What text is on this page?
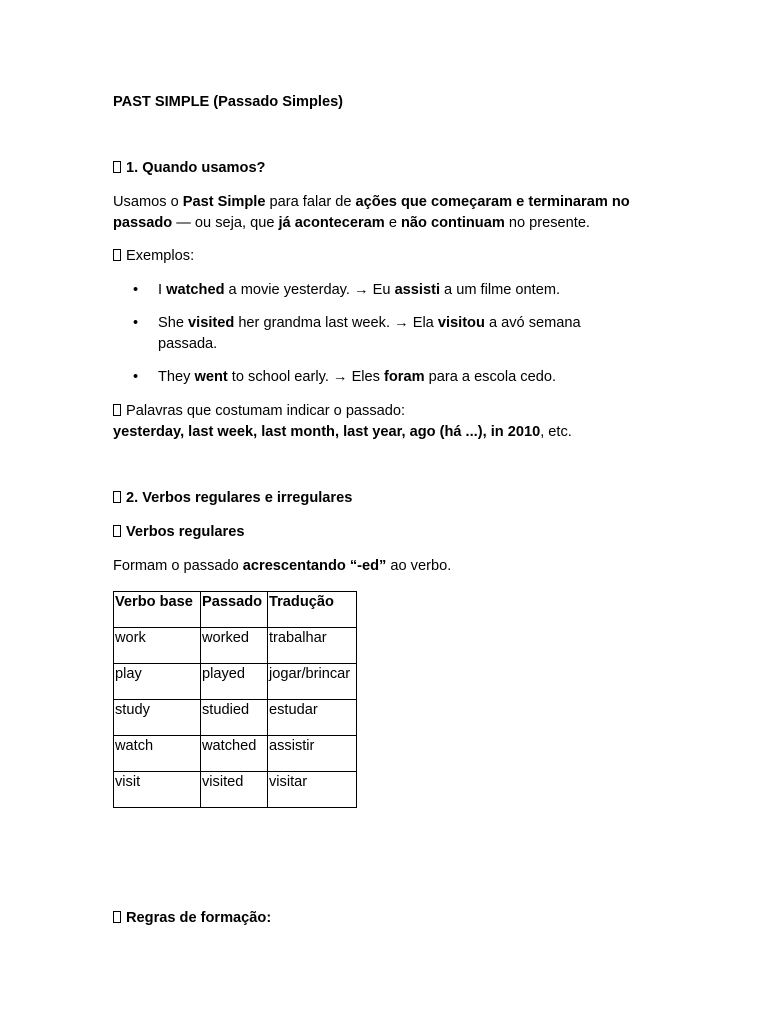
PAST SIMPLE (Passado Simples)

1. Quando usamos?

Usamos o Past Simple para falar de ações que começaram e terminaram no passado — ou seja, que já aconteceram e não continuam no presente.

Exemplos:

• I watched a movie yesterday. → Eu assisti a um filme ontem.
• She visited her grandma last week. → Ela visitou a avó semana passada.
• They went to school early. → Eles foram para a escola cedo.

Palavras que costumam indicar o passado:

yesterday, last week, last month, last year, ago (há ...), in 2010, etc.

2. Verbos regulares e irregulares

Verbos regulares

Formam o passado acrescentando “-ed” ao verbo.

Verbo base	Passado	Tradução
work	worked	trabalhar
play	played	jogar/brincar
study	studied	estudar
watch	watched	assistir
visit	visited	visitar

Regras de formação:
